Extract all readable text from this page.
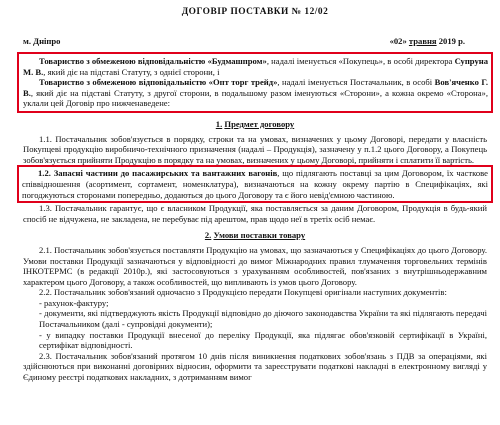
ДОГОВІР ПОСТАВКИ № 12/02
м. Дніпро	«02» травня 2019 р.

Товариство з обмеженою відповідальністю «Будмашпром», надалі іменується «Покупець», в особі директора Супруна М. В., який діє на підставі Статуту, з однієї сторони, і

Товариство з обмеженою відповідальністю «Опт торг трейд», надалі іменується Постачальник, в особі Вов'яченко Г. В., який діє на підставі Статуту, з другої сторони, в подальшому разом іменуються «Сторони», а кожна окремо «Сторона», уклали цей Договір про нижченаведене:

1. Предмет договору

1.1. Постачальник зобов'язується в порядку, строки та на умовах, визначених у цьому Договорі, передати у власність Покупцеві продукцію виробничо-технічного призначення (надалі – Продукція), зазначену у п.1.2 цього Договору, а Покупець зобов'язується прийняти Продукцію в порядку та на умовах, визначених у цьому Договорі, прийняти і сплатити її вартість.

1.2. Запасні частини до пасажирських та вантажних вагонів, що підлягають поставці за цим Договором, їх часткове співвідношення (асортимент, сортамент, номенклатура), визначаються на кожну окрему партію в Специфікаціях, які погоджуються сторонами попередньо, додаються до цього Договору та є його невід'ємною частиною.

1.3. Постачальник гарантує, що є власником Продукції, яка поставляється за даним Договором, Продукція в будь-який спосіб не відчужена, не закладена, не перебуває під арештом, прав щодо неї в третіх осіб немає.

2. Умови поставки товару

2.1. Постачальник зобов'язується поставляти Продукцію на умовах, що зазначаються у Специфікаціях до цього Договору. Умови поставки Продукції зазначаються у відповідності до вимог Міжнародних правил тлумачення торговельних термінів ІНКОТЕРМС (в редакції 2010р.), які застосовуються з урахуванням особливостей, пов'язаних з внутрішньодержавним характером цього Договору, а також особливостей, що випливають із умов цього Договору.

2.2. Постачальник зобов'язаний одночасно з Продукцією передати Покупцеві оригінали наступних документів:

- рахунок-фактуру;

- документи, які підтверджують якість Продукції відповідно до діючого законодавства України та які підлягають передачі Постачальником (далі - супровідні документи);

- у випадку поставки Продукції внесеної до переліку Продукції, яка підлягає обов'язковій сертифікації в Україні, сертифікат відповідності.

2.3. Постачальник зобов'язаний протягом 10 днів після виникнення податкових зобов'язань з ПДВ за операціями, які здійснюються при виконанні договірних відносин, оформити та зареєструвати податкові накладні в електронному вигляді у Єдиному реєстрі податкових накладних, з дотриманням вимог
